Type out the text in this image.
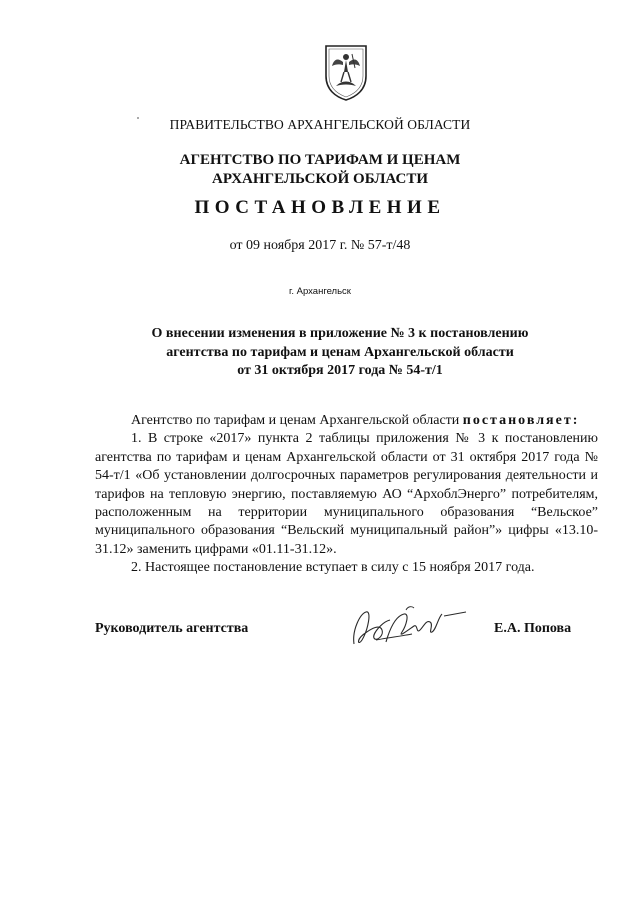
ПРАВИТЕЛЬСТВО АРХАНГЕЛЬСКОЙ ОБЛАСТИ
АГЕНТСТВО ПО ТАРИФАМ И ЦЕНАМ
АРХАНГЕЛЬСКОЙ ОБЛАСТИ
ПОСТАНОВЛЕНИЕ
от 09 ноября 2017 г. № 57-т/48
г. Архангельск
О внесении изменения в приложение № 3 к постановлению
агентства по тарифам и ценам Архангельской области
от 31 октября 2017 года № 54-т/1

Агентство по тарифам и ценам Архангельской области постановляет:

1. В строке «2017» пункта 2 таблицы приложения № 3 к постановлению агентства по тарифам и ценам Архангельской области от 31 октября 2017 года № 54-т/1 «Об установлении долгосрочных параметров регулирования деятельности и тарифов на тепловую энергию, поставляемую АО “АрхоблЭнерго” потребителям, расположенным на территории муниципального образования “Вельское” муниципального образования “Вельский муниципальный район”» цифры «13.10-31.12» заменить цифрами «01.11-31.12».

2. Настоящее постановление вступает в силу с 15 ноября 2017 года.

Руководитель агентства	Е.А. Попова
